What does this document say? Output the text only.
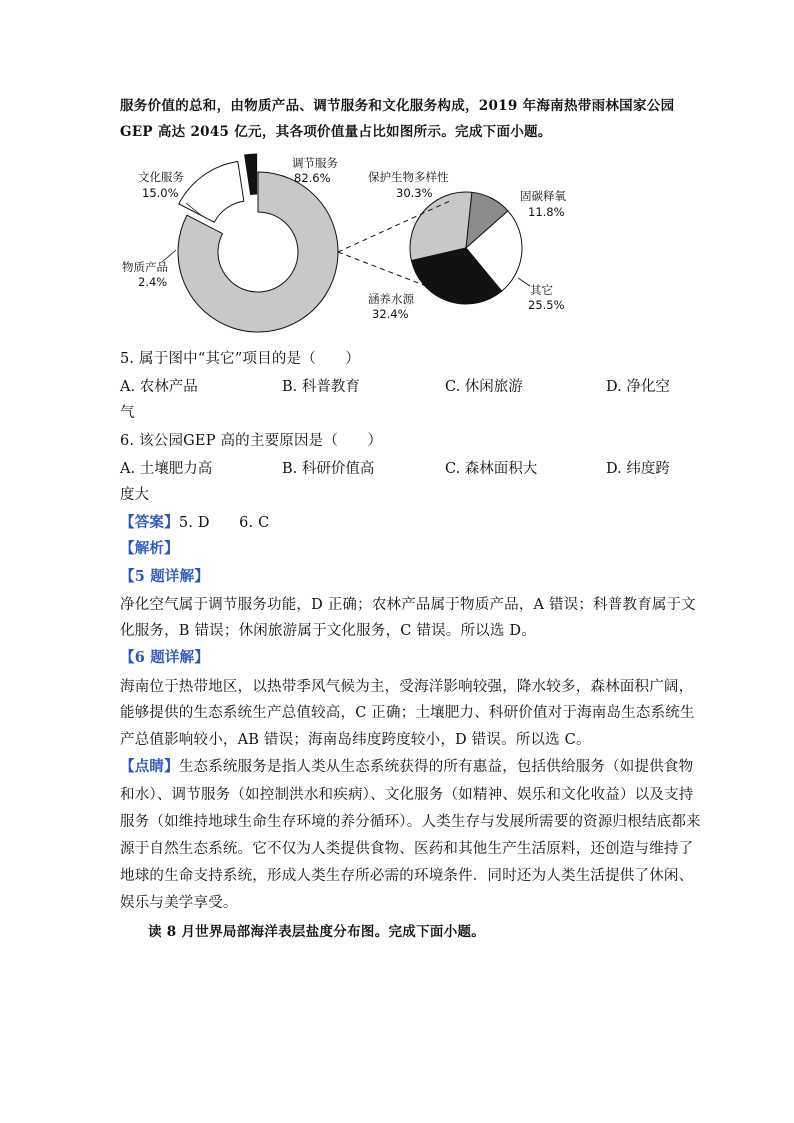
服务价值的总和，由物质产品、调节服务和文化服务构成，2019 年海南热带雨林国家公园
GEP 高达 2045 亿元，其各项价值量占比如图所示。完成下面小题。
调节服务
82.6%
文化服务
15.0%
物质产品
2.4%
保护生物多样性
30.3%	固碳释氧
11.8%
其它
25.5%
涵养水源
32.4%
5. 属于图中“其它”项目的是（　　）
A. 农林产品	B. 科普教育	C. 休闲旅游	D. 净化空
气
6. 该公园GEP 高的主要原因是（　　）
A. 土壤肥力高	B. 科研价值高	C. 森林面积大	D. 纬度跨
度大
【答案】5. D　　6. C
【解析】
【5 题详解】
净化空气属于调节服务功能，D 正确；农林产品属于物质产品，A 错误；科普教育属于文
化服务，B 错误；休闲旅游属于文化服务，C 错误。所以选 D。
【6 题详解】
海南位于热带地区，以热带季风气候为主，受海洋影响较强，降水较多，森林面积广阔，
能够提供的生态系统生产总值较高，C 正确；土壤肥力、科研价值对于海南岛生态系统生
产总值影响较小，AB 错误；海南岛纬度跨度较小，D 错误。所以选 C。
【点睛】生态系统服务是指人类从生态系统获得的所有惠益，包括供给服务（如提供食物
和水）、调节服务（如控制洪水和疾病）、文化服务（如精神、娱乐和文化收益）以及支持
服务（如维持地球生命生存环境的养分循环）。人类生存与发展所需要的资源归根结底都来
源于自然生态系统。它不仅为人类提供食物、医药和其他生产生活原料，还创造与维持了
地球的生命支持系统，形成人类生存所必需的环境条件．同时还为人类生活提供了休闲、
娱乐与美学享受。
读 8 月世界局部海洋表层盐度分布图。完成下面小题。
